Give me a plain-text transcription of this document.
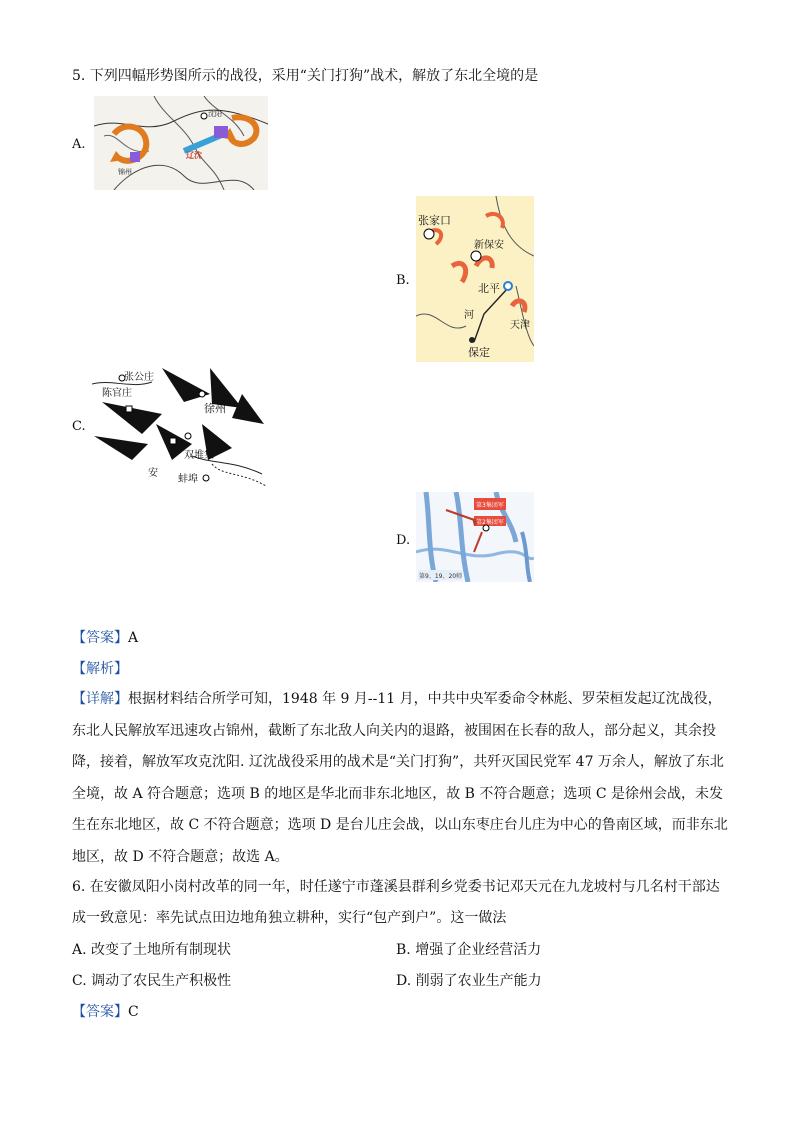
5. 下列四幅形势图所示的战役，采用“关门打狗”战术，解放了东北全境的是
A.
沈阳
锦州
辽沈
B.
张家口
新保安
北平
天津
河
保定
C.
张公庄
陈官庄
徐州
双堆集
安
蚌埠
D.
第3集团军
第2集团军
第9、19、20师
【答案】A
【解析】
【详解】根据材料结合所学可知，1948 年 9 月--11 月，中共中央军委命令林彪、罗荣桓发起辽沈战役，东北人民解放军迅速攻占锦州，截断了东北敌人向关内的退路，被围困在长春的敌人，部分起义，其余投降，接着，解放军攻克沈阳. 辽沈战役采用的战术是“关门打狗”，共歼灭国民党军 47 万余人，解放了东北全境，故 A 符合题意；选项 B 的地区是华北而非东北地区，故 B 不符合题意；选项 C 是徐州会战，未发生在东北地区，故 C 不符合题意；选项 D 是台儿庄会战，以山东枣庄台儿庄为中心的鲁南区域，而非东北地区，故 D 不符合题意；故选 A。
6. 在安徽凤阳小岗村改革的同一年，时任遂宁市蓬溪县群利乡党委书记邓天元在九龙坡村与几名村干部达
成一致意见：率先试点田边地角独立耕种，实行“包产到户”。这一做法
A. 改变了土地所有制现状	B. 增强了企业经营活力
C. 调动了农民生产积极性	D. 削弱了农业生产能力
【答案】C
